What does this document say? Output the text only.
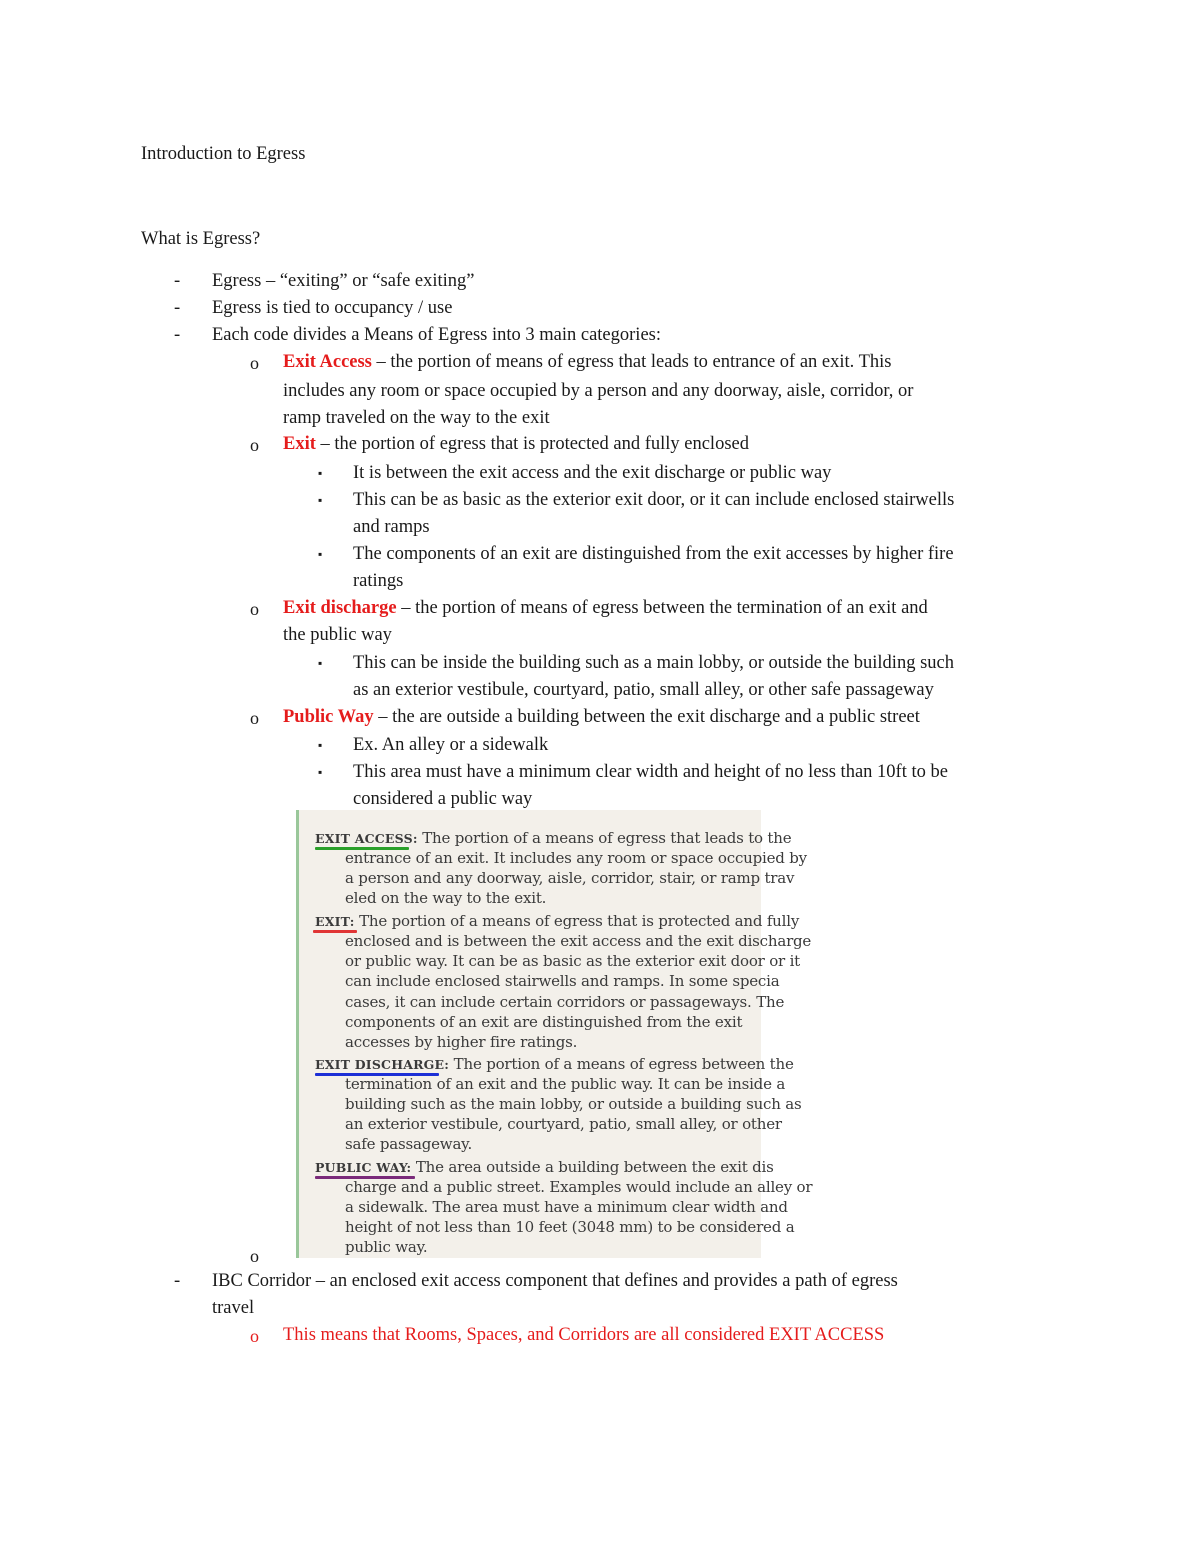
Introduction to Egress
What is Egress?
-	Egress – “exiting” or “safe exiting”
-	Egress is tied to occupancy / use
-	Each code divides a Means of Egress into 3 main categories:
o Exit Access – the portion of means of egress that leads to entrance of an exit. This
includes any room or space occupied by a person and any doorway, aisle, corridor, or
ramp traveled on the way to the exit
o Exit – the portion of egress that is protected and fully enclosed
▪ It is between the exit access and the exit discharge or public way
▪ This can be as basic as the exterior exit door, or it can include enclosed stairwells
and ramps
▪ The components of an exit are distinguished from the exit accesses by higher fire
ratings
o Exit discharge – the portion of means of egress between the termination of an exit and
the public way
▪ This can be inside the building such as a main lobby, or outside the building such
as an exterior vestibule, courtyard, patio, small alley, or other safe passageway
o Public Way – the are outside a building between the exit discharge and a public street
▪ Ex. An alley or a sidewalk
▪ This area must have a minimum clear width and height of no less than 10ft to be
considered a public way
o
EXIT ACCESS: The portion of a means of egress that leads to the
entrance of an exit. It includes any room or space occupied by
a person and any doorway, aisle, corridor, stair, or ramp trav
eled on the way to the exit.
EXIT: The portion of a means of egress that is protected and fully
enclosed and is between the exit access and the exit discharge
or public way. It can be as basic as the exterior exit door or it
can include enclosed stairwells and ramps. In some specia
cases, it can include certain corridors or passageways. The
components of an exit are distinguished from the exit
accesses by higher fire ratings.
EXIT DISCHARGE: The portion of a means of egress between the
termination of an exit and the public way. It can be inside a
building such as the main lobby, or outside a building such as
an exterior vestibule, courtyard, patio, small alley, or other
safe passageway.
PUBLIC WAY: The area outside a building between the exit dis
charge and a public street. Examples would include an alley or
a sidewalk. The area must have a minimum clear width and
height of not less than 10 feet (3048 mm) to be considered a
public way.
-	IBC Corridor – an enclosed exit access component that defines and provides a path of egress
travel
o This means that Rooms, Spaces, and Corridors are all considered EXIT ACCESS
